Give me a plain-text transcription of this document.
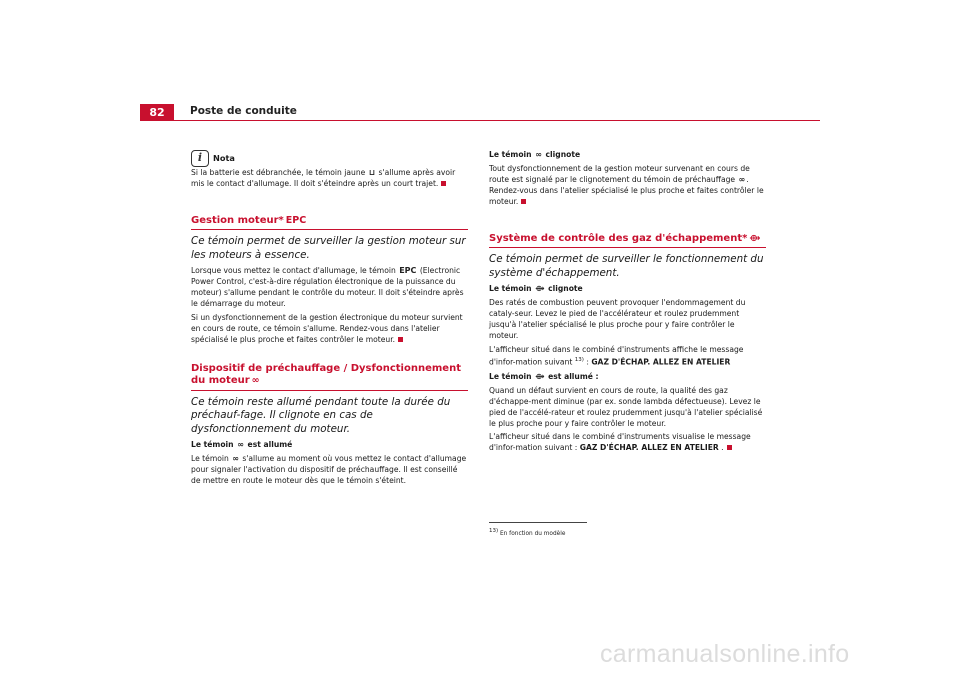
82	Poste de conduite
i	Nota

Si la batterie est débranchée, le témoin jaune ⊔ s'allume après avoir mis le contact d'allumage. Il doit s'éteindre après un court trajet.

Gestion moteur* EPC
Ce témoin permet de surveiller la gestion moteur sur les moteurs à essence.

Lorsque vous mettez le contact d'allumage, le témoin EPC (Electronic Power Control, c'est-à-dire régulation électronique de la puissance du moteur) s'allume pendant le contrôle du moteur. Il doit s'éteindre après le démarrage du moteur.

Si un dysfonctionnement de la gestion électronique du moteur survient en cours de route, ce témoin s'allume. Rendez-vous dans l'atelier spécialisé le plus proche et faites contrôler le moteur.

Dispositif de préchauffage / Dysfonctionnement du moteur ∞
Ce témoin reste allumé pendant toute la durée du préchauf-fage. Il clignote en cas de dysfonctionnement du moteur.

Le témoin ∞ est allumé

Le témoin ∞ s'allume au moment où vous mettez le contact d'allumage pour signaler l'activation du dispositif de préchauffage. Il est conseillé de mettre en route le moteur dès que le témoin s'éteint.

Le témoin ∞ clignote

Tout dysfonctionnement de la gestion moteur survenant en cours de route est signalé par le clignotement du témoin de préchauffage ∞. Rendez-vous dans l'atelier spécialisé le plus proche et faites contrôler le moteur.

Système de contrôle des gaz d'échappement* ⟴
Ce témoin permet de surveiller le fonctionnement du système d'échappement.

Le témoin ⟴ clignote

Des ratés de combustion peuvent provoquer l'endommagement du cataly-seur. Levez le pied de l'accélérateur et roulez prudemment jusqu'à l'atelier spécialisé le plus proche pour y faire contrôler le moteur.

L'afficheur situé dans le combiné d'instruments affiche le message d'infor-mation suivant $^{13)}$ : GAZ D'ÉCHAP. ALLEZ EN ATELIER

Le témoin ⟴ est allumé :

Quand un défaut survient en cours de route, la qualité des gaz d'échappe-ment diminue (par ex. sonde lambda défectueuse). Levez le pied de l'accélé-rateur et roulez prudemment jusqu'à l'atelier spécialisé le plus proche pour y faire contrôler le moteur.

L'afficheur situé dans le combiné d'instruments visualise le message d'infor-mation suivant : GAZ D'ÉCHAP. ALLEZ EN ATELIER .

$^{13)}$ En fonction du modèle
carmanualsonline.info
